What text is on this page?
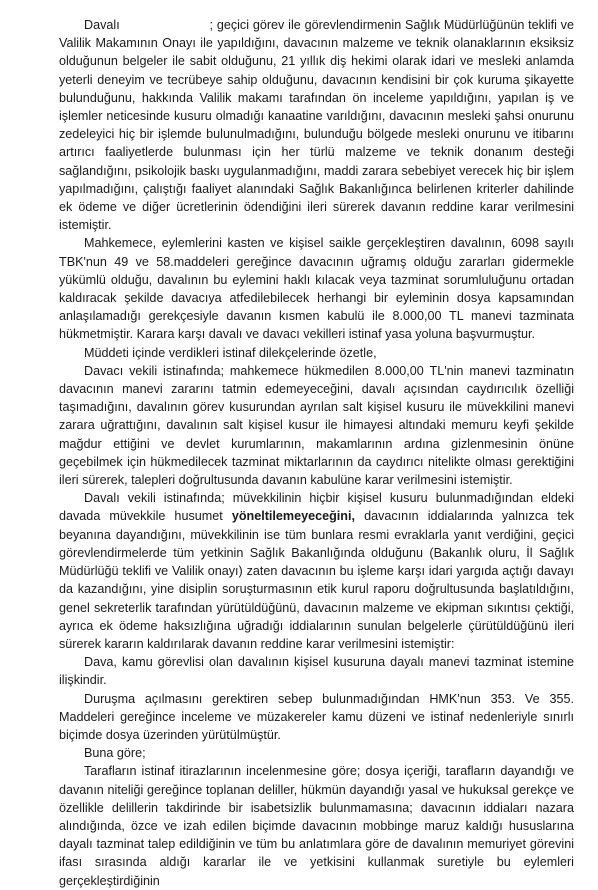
Davalı	; geçici görev ile görevlendirmenin Sağlık Müdürlüğünün teklifi ve Valilik Makamının Onayı ile yapıldığını, davacının malzeme ve teknik olanaklarının eksiksiz olduğunun belgeler ile sabit olduğunu, 21 yıllık diş hekimi olarak idari ve mesleki anlamda yeterli deneyim ve tecrübeye sahip olduğunu, davacının kendisini bir çok kuruma şikayette bulunduğunu, hakkında Valilik makamı tarafından ön inceleme yapıldığını, yapılan iş ve işlemler neticesinde kusuru olmadığı kanaatine varıldığını, davacının mesleki şahsi onurunu zedeleyici hiç bir işlemde bulunulmadığını, bulunduğu bölgede mesleki onurunu ve itibarını artırıcı faaliyetlerde bulunması için her türlü malzeme ve teknik donanım desteği sağlandığını, psikolojik baskı uygulanmadığını, maddi zarara sebebiyet verecek hiç bir işlem yapılmadığını, çalıştığı faaliyet alanındaki Sağlık Bakanlığınca belirlenen kriterler dahilinde ek ödeme ve diğer ücretlerinin ödendiğini ileri sürerek davanın reddine karar verilmesini istemiştir.

Mahkemece, eylemlerini kasten ve kişisel saikle gerçekleştiren davalının, 6098 sayılı TBK'nun 49 ve 58.maddeleri gereğince davacının uğramış olduğu zararları gidermekle yükümlü olduğu, davalının bu eylemini haklı kılacak veya tazminat sorumluluğunu ortadan kaldıracak şekilde davacıya atfedilebilecek herhangi bir eyleminin dosya kapsamından anlaşılamadığı gerekçesiyle davanın kısmen kabulü ile 8.000,00 TL manevi tazminata hükmetmiştir. Karara karşı davalı ve davacı vekilleri istinaf yasa yoluna başvurmuştur.

Müddeti içinde verdikleri istinaf dilekçelerinde özetle,

Davacı vekili istinafında; mahkemece hükmedilen 8.000,00 TL'nin manevi tazminatın davacının manevi zararını tatmin edemeyeceğini, davalı açısından caydırıcılık özelliği taşımadığını, davalının görev kusurundan ayrılan salt kişisel kusuru ile müvekkilini manevi zarara uğrattığını, davalının salt kişisel kusur ile himayesi altındaki memuru keyfi şekilde mağdur ettiğini ve devlet kurumlarının, makamlarının ardına gizlenmesinin önüne geçebilmek için hükmedilecek tazminat miktarlarının da caydırıcı nitelikte olması gerektiğini ileri sürerek, talepleri doğrultusunda davanın kabulüne karar verilmesini istemiştir.

Davalı vekili istinafında; müvekkilinin hiçbir kişisel kusuru bulunmadığından eldeki davada müvekkile husumet yöneltilemeyeceğini, davacının iddialarında yalnızca tek beyanına dayandığını, müvekkilinin ise tüm bunlara resmi evraklarla yanıt verdiğini, geçici görevlendirmelerde tüm yetkinin Sağlık Bakanlığında olduğunu (Bakanlık oluru, İl Sağlık Müdürlüğü teklifi ve Valilik onayı) zaten davacının bu işleme karşı idari yargıda açtığı davayı da kazandığını, yine disiplin soruşturmasının etik kurul raporu doğrultusunda başlatıldığını, genel sekreterlik tarafından yürütüldüğünü, davacının malzeme ve ekipman sıkıntısı çektiği, ayrıca ek ödeme haksızlığına uğradığı iddialarının sunulan belgelerle çürütüldüğünü ileri sürerek kararın kaldırılarak davanın reddine karar verilmesini istemiştir:

Dava, kamu görevlisi olan davalının kişisel kusuruna dayalı manevi tazminat istemine ilişkindir.

Duruşma açılmasını gerektiren sebep bulunmadığından HMK'nun 353. Ve 355. Maddeleri gereğince inceleme ve müzakereler kamu düzeni ve istinaf nedenleriyle sınırlı biçimde dosya üzerinden yürütülmüştür.

Buna göre;

Tarafların istinaf itirazlarının incelenmesine göre; dosya içeriği, tarafların dayandığı ve davanın niteliği gereğince toplanan deliller, hükmün dayandığı yasal ve hukuksal gerekçe ve özellikle delillerin takdirinde bir isabetsizlik bulunmamasına; davacının iddiaları nazara alındığında, özce ve izah edilen biçimde davacının mobbinge maruz kaldığı hususlarına dayalı tazminat talep edildiğinin ve tüm bu anlatımlara göre de davalının memuriyet görevini ifası sırasında aldığı kararlar ile ve yetkisini kullanmak suretiyle bu eylemleri gerçekleştirdiğinin
